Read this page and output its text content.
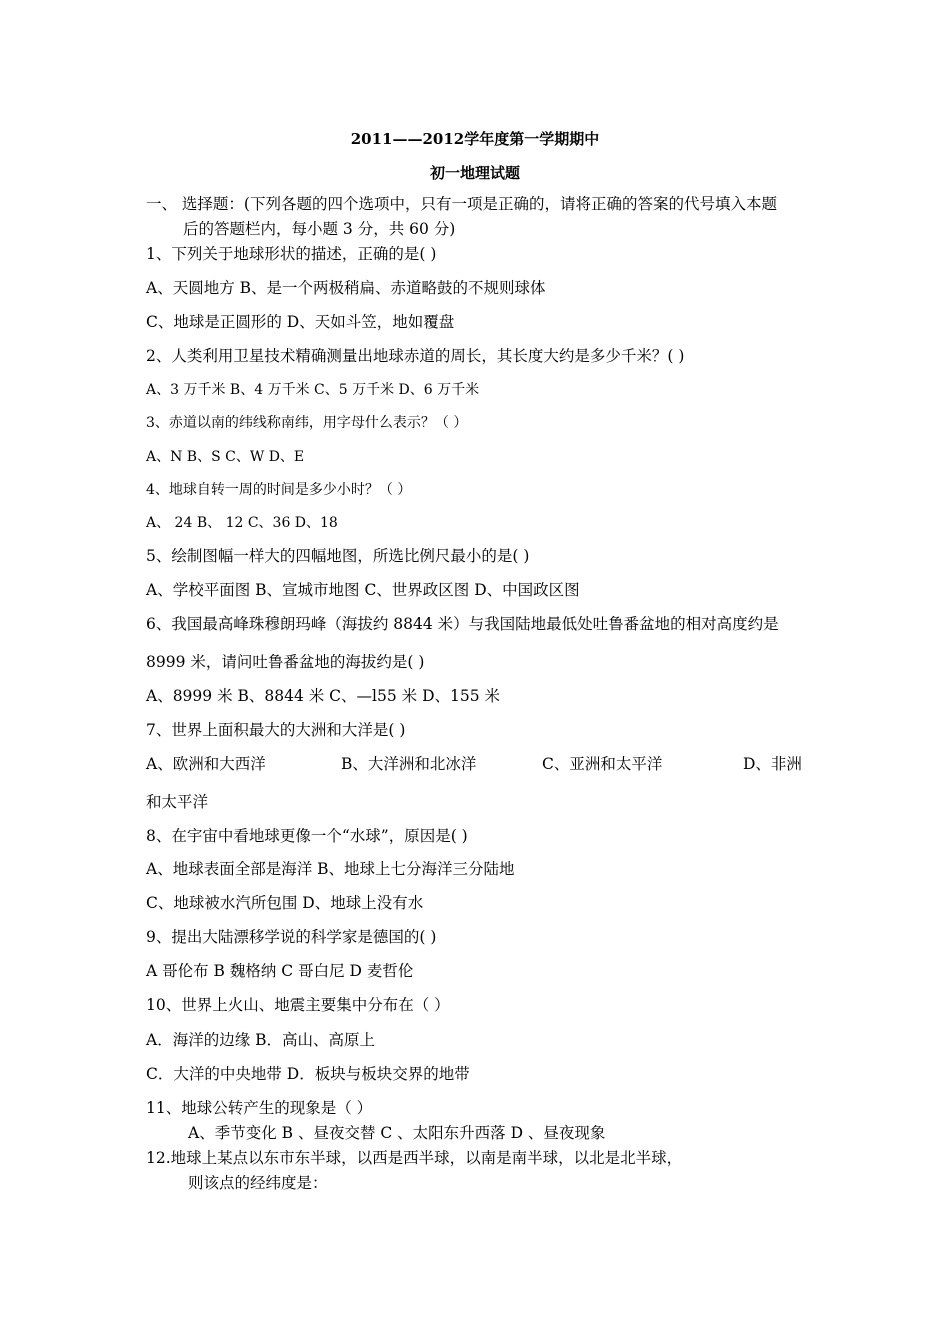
2011——2012学年度第一学期期中
初一地理试题
一、 选择题：(下列各题的四个选项中，只有一项是正确的，请将正确的答案的代号填入本题
后的答题栏内，每小题 3 分，共 60 分)
1、下列关于地球形状的描述，正确的是( )
A、天圆地方 B、是一个两极稍扁、赤道略鼓的不规则球体
C、地球是正圆形的 D、天如斗笠，地如覆盘
2、人类利用卫星技术精确测量出地球赤道的周长，其长度大约是多少千米？( )
A、3 万千米 B、4 万千米 C、5 万千米 D、6 万千米
3、赤道以南的纬线称南纬，用字母什么表示？（ ）
A、N B、S C、W D、E
4、地球自转一周的时间是多少小时？（ ）
A、 24 B、 12 C、36 D、18
5、绘制图幅一样大的四幅地图，所选比例尺最小的是( )
A、学校平面图 B、宣城市地图 C、世界政区图 D、中国政区图
6、我国最高峰珠穆朗玛峰（海拔约 8844 米）与我国陆地最低处吐鲁番盆地的相对高度约是
8999 米，请问吐鲁番盆地的海拔约是( )
A、8999 米 B、8844 米 C、—l55 米 D、155 米
7、世界上面积最大的大洲和大洋是( )
A、欧洲和大西洋	B、大洋洲和北冰洋	C、亚洲和太平洋	D、非洲
和太平洋
8、在宇宙中看地球更像一个“水球”，原因是( )
A、地球表面全部是海洋 B、地球上七分海洋三分陆地
C、地球被水汽所包围 D、地球上没有水
9、提出大陆漂移学说的科学家是德国的( )
A 哥伦布 B 魏格纳 C 哥白尼 D 麦哲伦
10、世界上火山、地震主要集中分布在（ ）
A．海洋的边缘 B．高山、高原上
C．大洋的中央地带 D．板块与板块交界的地带
11、地球公转产生的现象是（ ）
A、季节变化 B 、昼夜交替 C 、太阳东升西落 D 、昼夜现象
12.地球上某点以东市东半球，以西是西半球，以南是南半球，以北是北半球，
则该点的经纬度是：
